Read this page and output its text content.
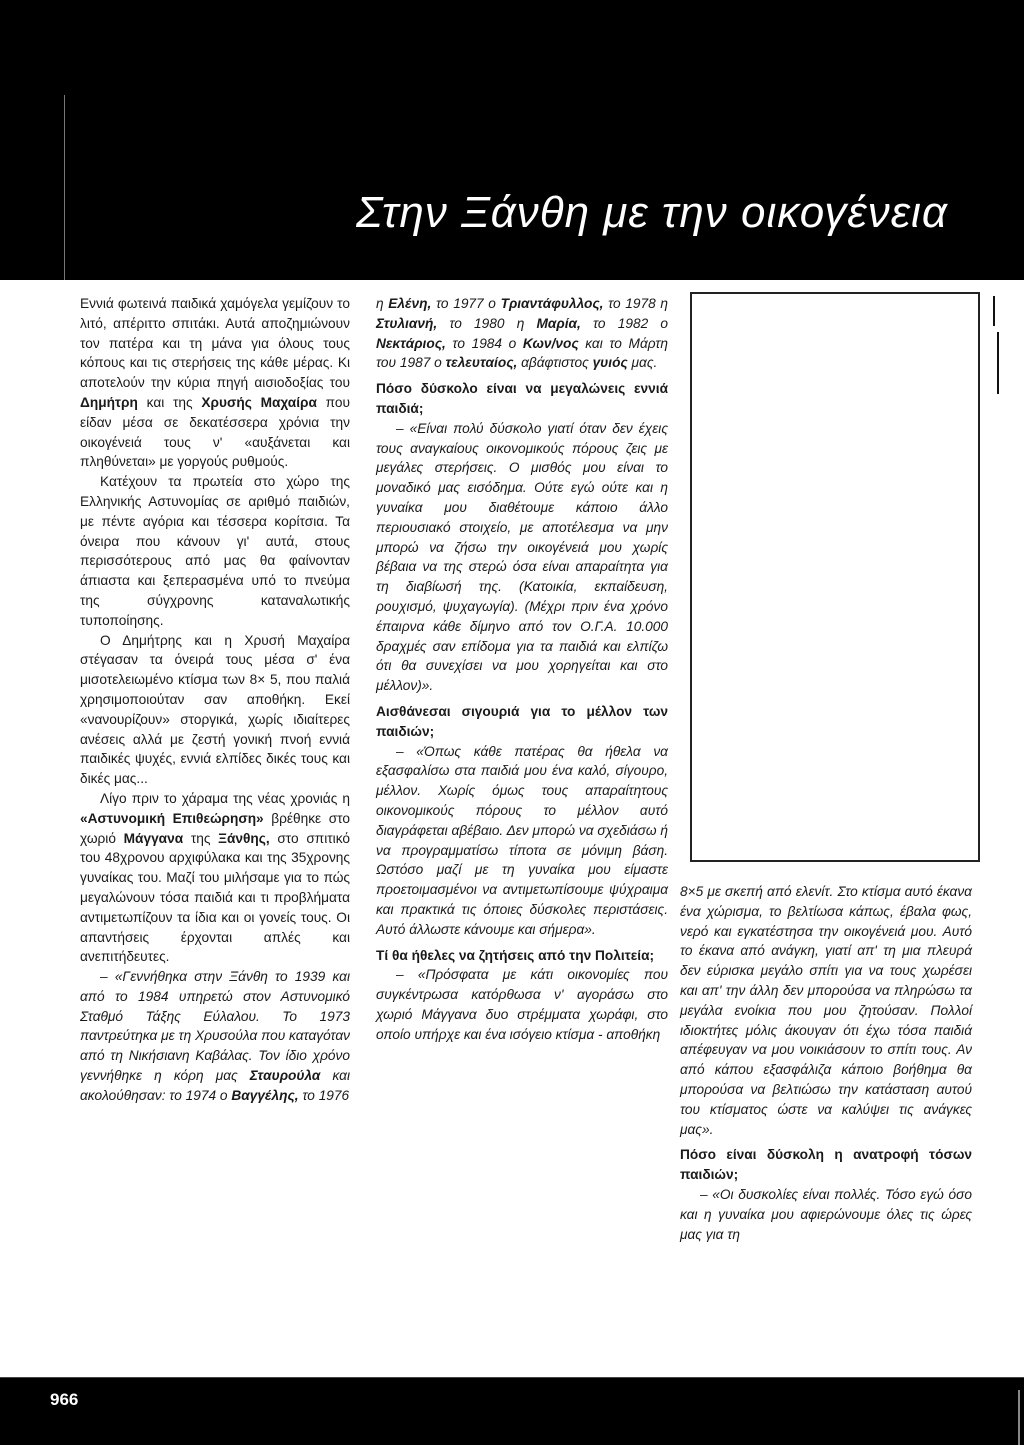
Στην Ξάνθη με την οικογένεια

Εννιά φωτεινά παιδικά χαμόγελα γεμίζουν το λιτό, απέριττο σπιτάκι. Αυτά αποζημιώνουν τον πατέρα και τη μάνα για όλους τους κόπους και τις στερήσεις της κάθε μέρας. Κι αποτελούν την κύρια πηγή αισιοδοξίας του Δημήτρη και της Χρυσής Μαχαίρα που είδαν μέσα σε δεκατέσσερα χρόνια την οικογένειά τους ν' «αυξάνεται και πληθύνεται» με γοργούς ρυθμούς.

Κατέχουν τα πρωτεία στο χώρο της Ελληνικής Αστυνομίας σε αριθμό παιδιών, με πέντε αγόρια και τέσσερα κορίτσια. Τα όνειρα που κάνουν γι' αυτά, στους περισσότερους από μας θα φαίνονταν άπιαστα και ξεπερασμένα υπό το πνεύμα της σύγχρονης καταναλωτικής τυποποίησης.

Ο Δημήτρης και η Χρυσή Μαχαίρα στέγασαν τα όνειρά τους μέσα σ' ένα μισοτελειωμένο κτίσμα των 8× 5, που παλιά χρησιμοποιούταν σαν αποθήκη. Εκεί «νανουρίζουν» στοργικά, χωρίς ιδιαίτερες ανέσεις αλλά με ζεστή γονική πνοή εννιά παιδικές ψυχές, εννιά ελπίδες δικές τους και δικές μας...

Λίγο πριν το χάραμα της νέας χρονιάς η «Αστυνομική Επιθεώρηση» βρέθηκε στο χωριό Μάγγανα της Ξάνθης, στο σπιτικό του 48χρονου αρχιφύλακα και της 35χρονης γυναίκας του. Μαζί του μιλήσαμε για το πώς μεγαλώνουν τόσα παιδιά και τι προβλήματα αντιμετωπίζουν τα ίδια και οι γονείς τους. Οι απαντήσεις έρχονται απλές και ανεπιτήδευτες.

– «Γεννήθηκα στην Ξάνθη το 1939 και από το 1984 υπηρετώ στον Αστυνομικό Σταθμό Τάξης Εύλαλου. Το 1973 παντρεύτηκα με τη Χρυσούλα που καταγόταν από τη Νικήσιανη Καβάλας. Τον ίδιο χρόνο γεννήθηκε η κόρη μας Σταυρούλα και ακολούθησαν: το 1974 ο Βαγγέλης, το 1976

η Ελένη, το 1977 ο Τριαντάφυλλος, το 1978 η Στυλιανή, το 1980 η Μαρία, το 1982 ο Νεκτάριος, το 1984 ο Κων/νος και το Μάρτη του 1987 ο τελευταίος, αβάφτιστος γυιός μας.

Πόσο δύσκολο είναι να μεγαλώνεις εννιά παιδιά;

– «Είναι πολύ δύσκολο γιατί όταν δεν έχεις τους αναγκαίους οικονομικούς πόρους ζεις με μεγάλες στερήσεις. Ο μισθός μου είναι το μοναδικό μας εισόδημα. Ούτε εγώ ούτε και η γυναίκα μου διαθέτουμε κάποιο άλλο περιουσιακό στοιχείο, με αποτέλεσμα να μην μπορώ να ζήσω την οικογένειά μου χωρίς βέβαια να της στερώ όσα είναι απαραίτητα για τη διαβίωσή της. (Κατοικία, εκπαίδευση, ρουχισμό, ψυχαγωγία). (Μέχρι πριν ένα χρόνο έπαιρνα κάθε δίμηνο από τον Ο.Γ.Α. 10.000 δραχμές σαν επίδομα για τα παιδιά και ελπίζω ότι θα συνεχίσει να μου χορηγείται και στο μέλλον)».

Αισθάνεσαι σιγουριά για το μέλλον των παιδιών;

– «Όπως κάθε πατέρας θα ήθελα να εξασφαλίσω στα παιδιά μου ένα καλό, σίγουρο, μέλλον. Χωρίς όμως τους απαραίτητους οικονομικούς πόρους το μέλλον αυτό διαγράφεται αβέβαιο. Δεν μπορώ να σχεδιάσω ή να προγραμματίσω τίποτα σε μόνιμη βάση. Ωστόσο μαζί με τη γυναίκα μου είμαστε προετοιμασμένοι να αντιμετωπίσουμε ψύχραιμα και πρακτικά τις όποιες δύσκολες περιστάσεις. Αυτό άλλωστε κάνουμε και σήμερα».

Τί θα ήθελες να ζητήσεις από την Πολιτεία;

– «Πρόσφατα με κάτι οικονομίες που συγκέντρωσα κατόρθωσα ν' αγοράσω στο χωριό Μάγγανα δυο στρέμματα χωράφι, στο οποίο υπήρχε και ένα ισόγειο κτίσμα - αποθήκη

8×5 με σκεπή από ελενίτ. Στο κτίσμα αυτό έκανα ένα χώρισμα, το βελτίωσα κάπως, έβαλα φως, νερό και εγκατέστησα την οικογένειά μου. Αυτό το έκανα από ανάγκη, γιατί απ' τη μια πλευρά δεν εύρισκα μεγάλο σπίτι για να τους χωρέσει και απ' την άλλη δεν μπορούσα να πληρώσω τα μεγάλα ενοίκια που μου ζητούσαν. Πολλοί ιδιοκτήτες μόλις άκουγαν ότι έχω τόσα παιδιά απέφευγαν να μου νοικιάσουν το σπίτι τους. Αν από κάπου εξασφάλιζα κάποιο βοήθημα θα μπορούσα να βελτιώσω την κατάσταση αυτού του κτίσματος ώστε να καλύψει τις ανάγκες μας».

Πόσο είναι δύσκολη η ανατροφή τόσων παιδιών;

– «Οι δυσκολίες είναι πολλές. Τόσο εγώ όσο και η γυναίκα μου αφιερώνουμε όλες τις ώρες μας για τη

966
